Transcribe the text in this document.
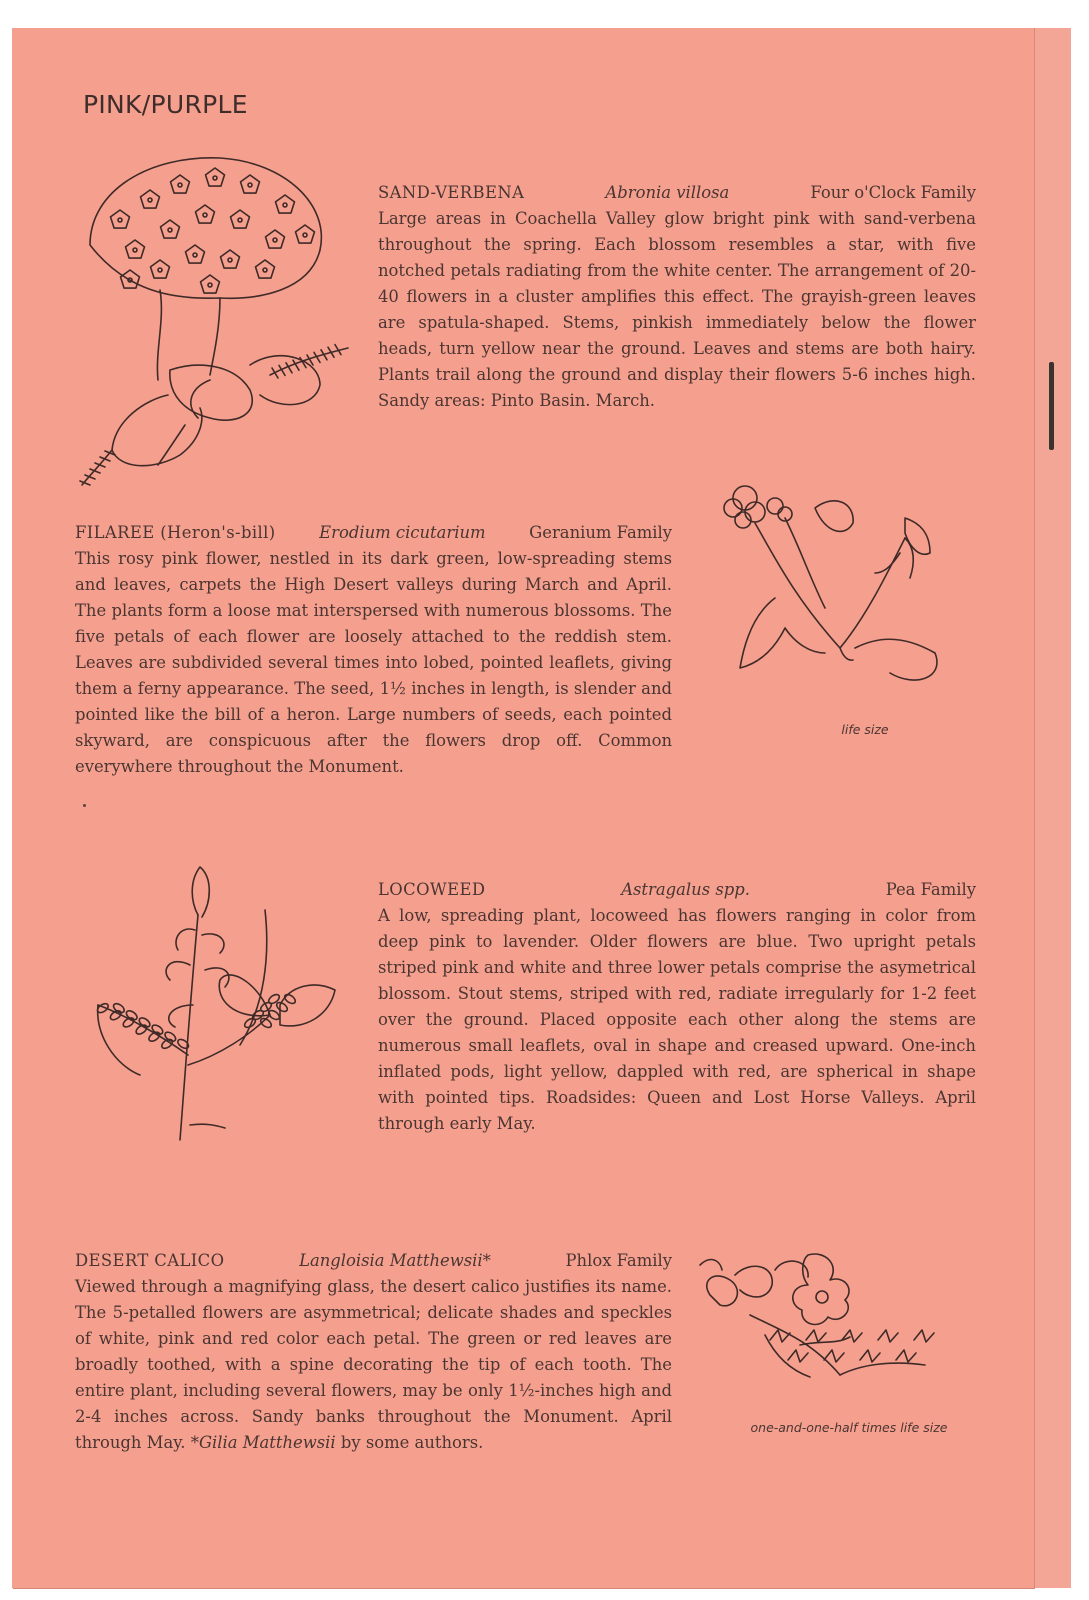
PINK/PURPLE
SAND-VERBENA	Abronia villosa	Four o'Clock Family

Large areas in Coachella Valley glow bright pink with sand-verbena throughout the spring. Each blossom resembles a star, with five notched petals radiating from the white center. The arrangement of 20-40 flowers in a cluster amplifies this effect. The grayish-green leaves are spatula-shaped. Stems, pinkish immediately below the flower heads, turn yellow near the ground. Leaves and stems are both hairy. Plants trail along the ground and display their flowers 5-6 inches high. Sandy areas: Pinto Basin. March.

FILAREE (Heron's-bill)	Erodium cicutarium	Geranium Family

This rosy pink flower, nestled in its dark green, low-spreading stems and leaves, carpets the High Desert valleys during March and April. The plants form a loose mat interspersed with numerous blossoms. The five petals of each flower are loosely attached to the reddish stem. Leaves are subdivided several times into lobed, pointed leaflets, giving them a ferny appearance. The seed, 1½ inches in length, is slender and pointed like the bill of a heron. Large numbers of seeds, each pointed skyward, are conspicuous after the flowers drop off. Common everywhere throughout the Monument.

life size
LOCOWEED	Astragalus spp.	Pea Family

A low, spreading plant, locoweed has flowers ranging in color from deep pink to lavender. Older flowers are blue. Two upright petals striped pink and white and three lower petals comprise the asymetrical blossom. Stout stems, striped with red, radiate irregularly for 1-2 feet over the ground. Placed opposite each other along the stems are numerous small leaflets, oval in shape and creased upward. One-inch inflated pods, light yellow, dappled with red, are spherical in shape with pointed tips. Roadsides: Queen and Lost Horse Valleys. April through early May.

DESERT CALICO	Langloisia Matthewsii*	Phlox Family

Viewed through a magnifying glass, the desert calico justifies its name. The 5-petalled flowers are asymmetrical; delicate shades and speckles of white, pink and red color each petal. The green or red leaves are broadly toothed, with a spine decorating the tip of each tooth. The entire plant, including several flowers, may be only 1½-inches high and 2-4 inches across. Sandy banks throughout the Monument. April through May. *Gilia Matthewsii by some authors.

one-and-one-half times life size
